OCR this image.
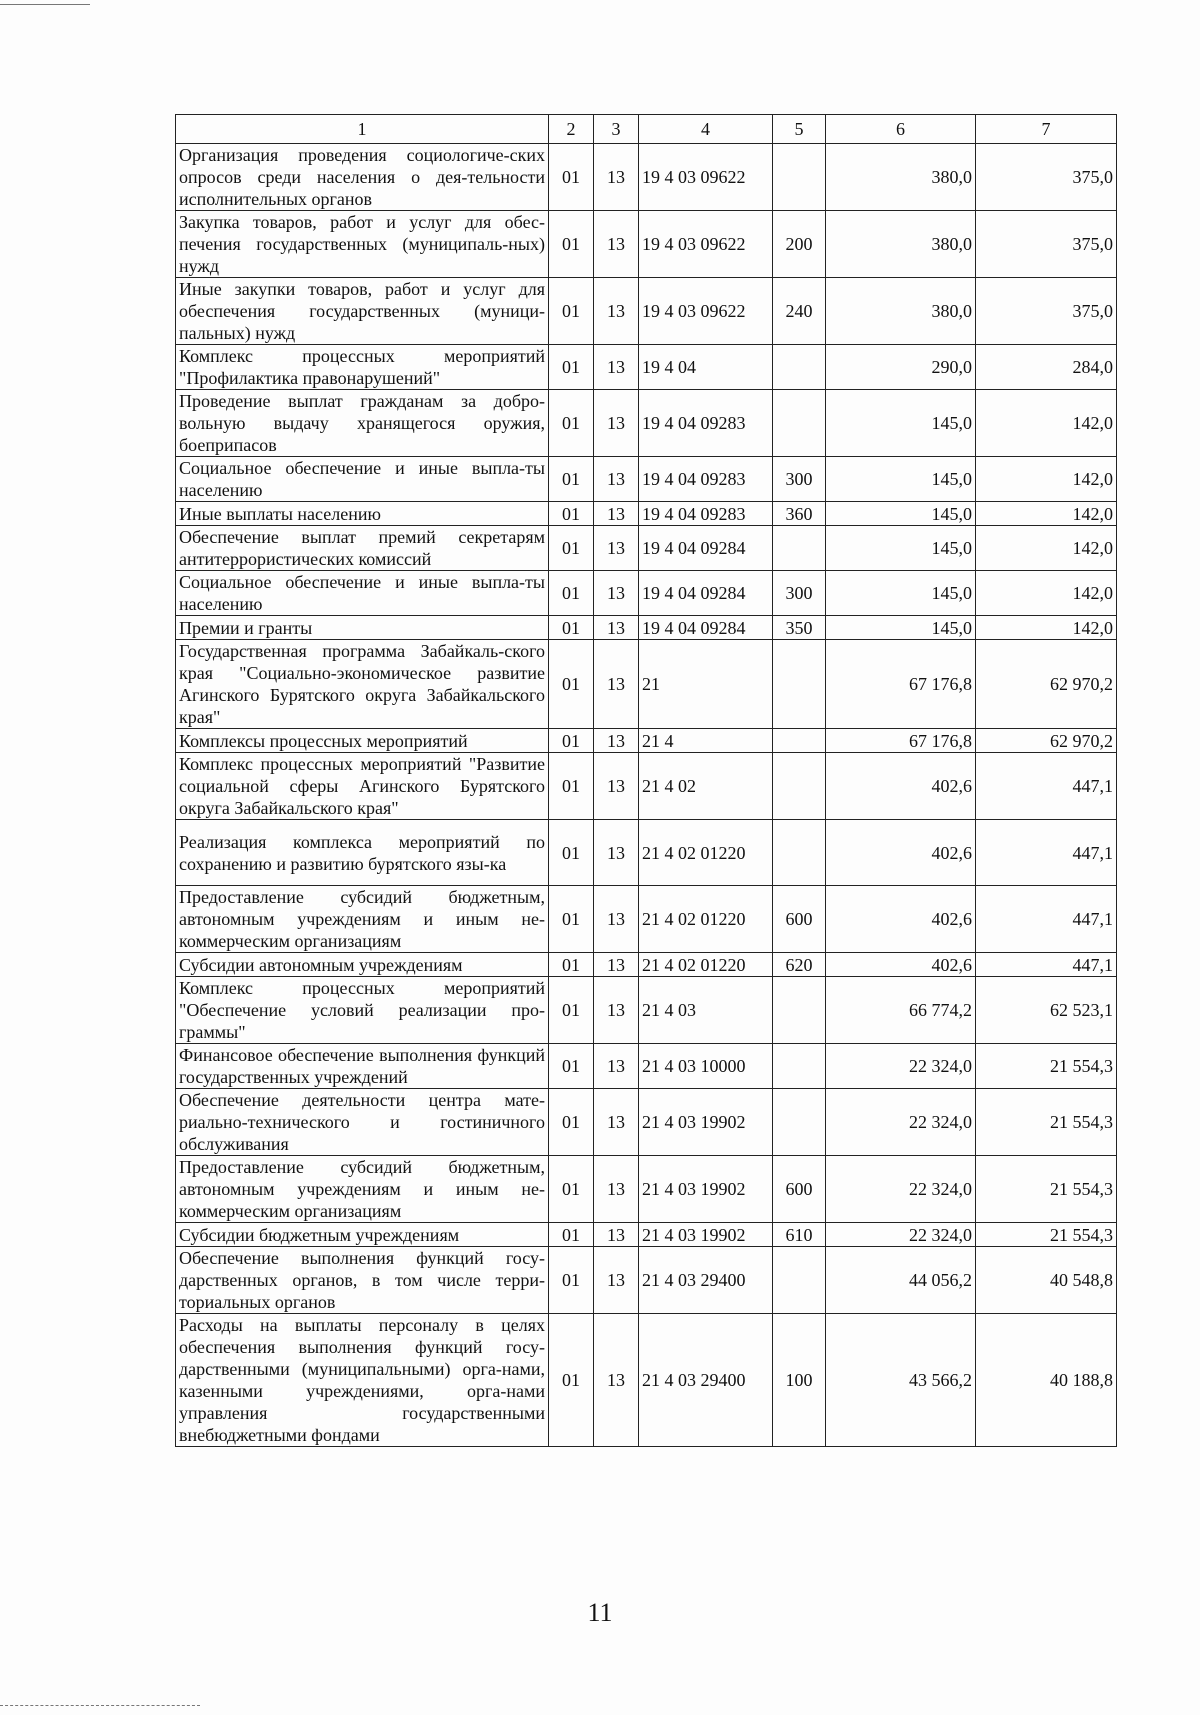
1	2	3	4	5	6	7
Организация проведения социологиче-ских опросов среди населения о дея-тельности исполнительных органов	01	13	19 4 03 09622		380,0	375,0
Закупка товаров, работ и услуг для обес-печения государственных (муниципаль-ных) нужд	01	13	19 4 03 09622	200	380,0	375,0
Иные закупки товаров, работ и услуг для обеспечения государственных (муници-пальных) нужд	01	13	19 4 03 09622	240	380,0	375,0
Комплекс процессных мероприятий "Профилактика правонарушений"	01	13	19 4 04		290,0	284,0
Проведение выплат гражданам за добро-вольную выдачу хранящегося оружия, боеприпасов	01	13	19 4 04 09283		145,0	142,0
Социальное обеспечение и иные выпла-ты населению	01	13	19 4 04 09283	300	145,0	142,0
Иные выплаты населению	01	13	19 4 04 09283	360	145,0	142,0
Обеспечение выплат премий секретарям антитеррористических комиссий	01	13	19 4 04 09284		145,0	142,0
Социальное обеспечение и иные выпла-ты населению	01	13	19 4 04 09284	300	145,0	142,0
Премии и гранты	01	13	19 4 04 09284	350	145,0	142,0
Государственная программа Забайкаль-ского края "Социально-экономическое развитие Агинского Бурятского округа Забайкальского края"	01	13	21		67 176,8	62 970,2
Комплексы процессных мероприятий	01	13	21 4		67 176,8	62 970,2
Комплекс процессных мероприятий "Развитие социальной сферы Агинского Бурятского округа Забайкальского края"	01	13	21 4 02		402,6	447,1
Реализация комплекса мероприятий по сохранению и развитию бурятского язы-ка	01	13	21 4 02 01220		402,6	447,1
Предоставление субсидий бюджетным, автономным учреждениям и иным не-коммерческим организациям	01	13	21 4 02 01220	600	402,6	447,1
Субсидии автономным учреждениям	01	13	21 4 02 01220	620	402,6	447,1
Комплекс процессных мероприятий "Обеспечение условий реализации про-граммы"	01	13	21 4 03		66 774,2	62 523,1
Финансовое обеспечение выполнения функций государственных учреждений	01	13	21 4 03 10000		22 324,0	21 554,3
Обеспечение деятельности центра мате-риально-технического и гостиничного обслуживания	01	13	21 4 03 19902		22 324,0	21 554,3
Предоставление субсидий бюджетным, автономным учреждениям и иным не-коммерческим организациям	01	13	21 4 03 19902	600	22 324,0	21 554,3
Субсидии бюджетным учреждениям	01	13	21 4 03 19902	610	22 324,0	21 554,3
Обеспечение выполнения функций госу-дарственных органов, в том числе терри-ториальных органов	01	13	21 4 03 29400		44 056,2	40 548,8
Расходы на выплаты персоналу в целях обеспечения выполнения функций госу-дарственными (муниципальными) орга-нами, казенными учреждениями, орга-нами управления государственными внебюджетными фондами	01	13	21 4 03 29400	100	43 566,2	40 188,8
11
